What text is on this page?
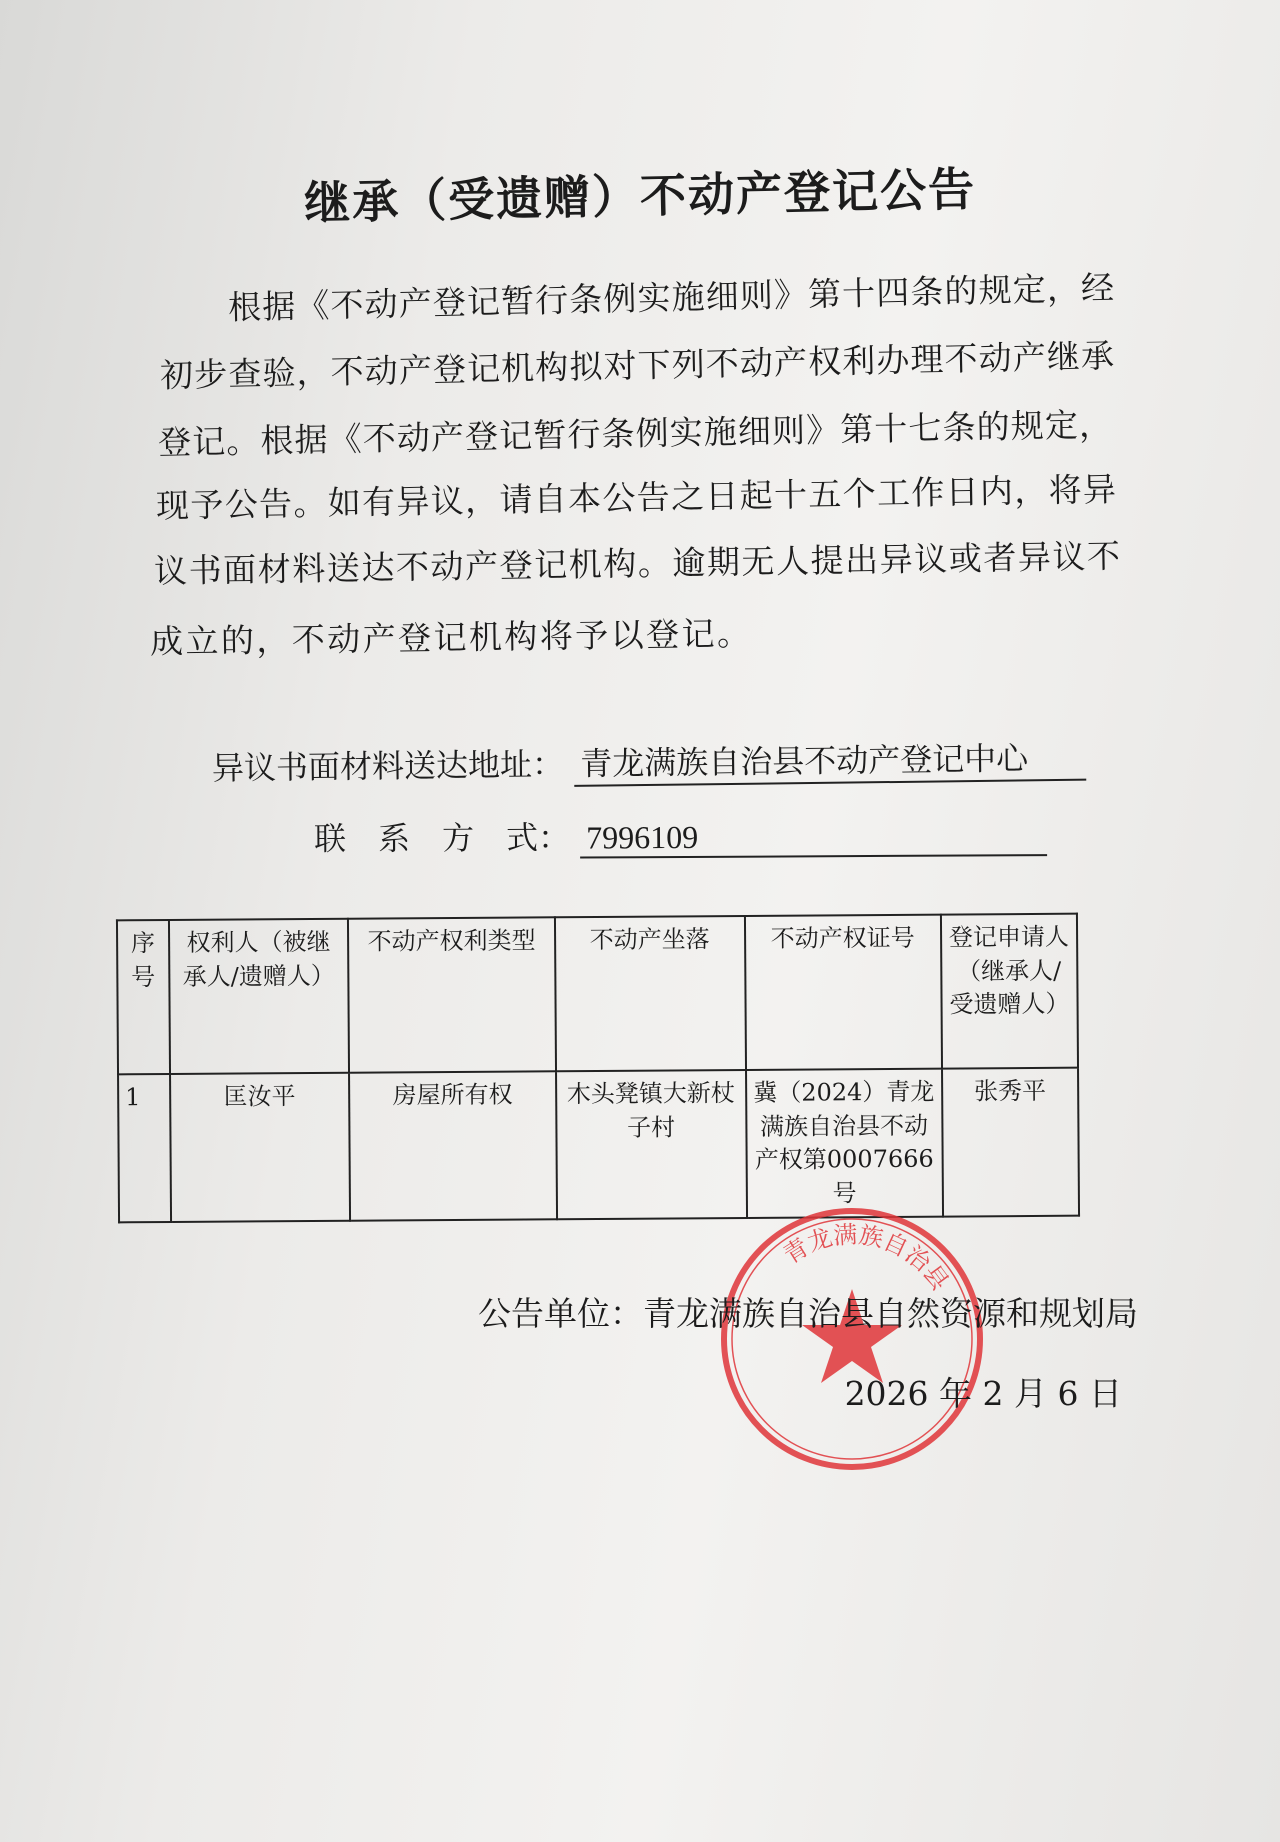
继承（受遗赠）不动产登记公告
根据《不动产登记暂行条例实施细则》第十四条的规定，经
初步查验，不动产登记机构拟对下列不动产权利办理不动产继承
登记。根据《不动产登记暂行条例实施细则》第十七条的规定，
现予公告。如有异议，请自本公告之日起十五个工作日内，将异
议书面材料送达不动产登记机构。逾期无人提出异议或者异议不
成立的，不动产登记机构将予以登记。
异议书面材料送达地址： 青龙满族自治县不动产登记中心
联　系　方　式： 7996109
序号	权利人（被继承人/遗赠人）	不动产权利类型	不动产坐落	不动产权证号	登记申请人（继承人/受遗赠人）
1	匡汝平	房屋所有权	木头凳镇大新杖子村	冀（2024）青龙满族自治县不动产权第0007666号	张秀平
青龙满族自治县
公告单位：青龙满族自治县自然资源和规划局
2026 年 2 月 6 日
